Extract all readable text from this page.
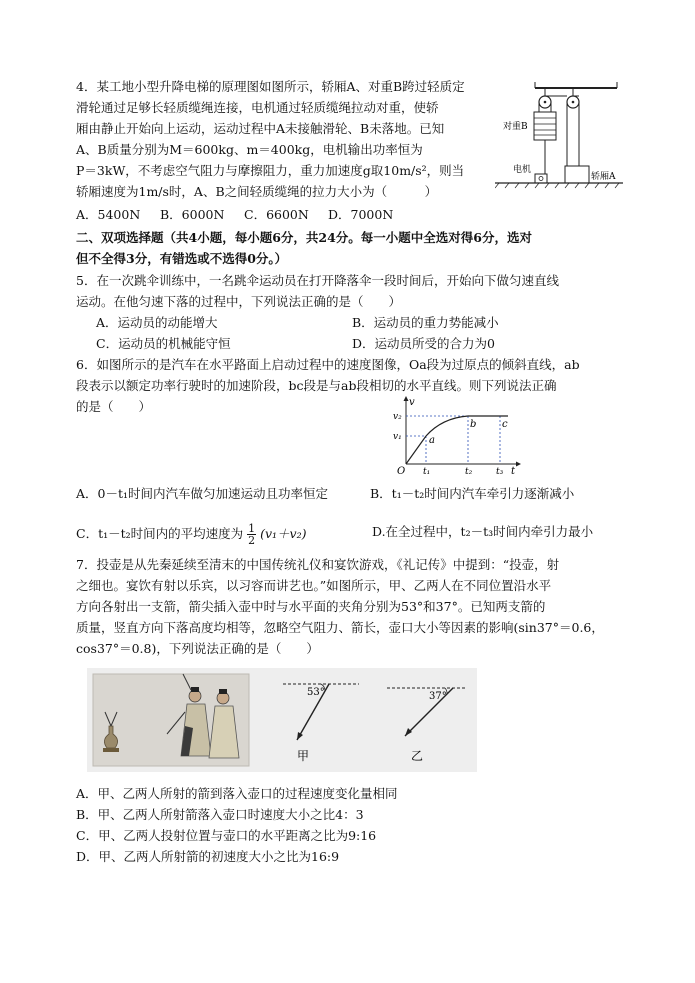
4．某工地小型升降电梯的原理图如图所示，轿厢A、对重B跨过轻质定
滑轮通过足够长轻质缆绳连接，电机通过轻质缆绳拉动对重，使轿
厢由静止开始向上运动，运动过程中A未接触滑轮、B未落地。已知
A、B质量分别为M＝600kg、m＝400kg，电机输出功率恒为
P＝3kW，不考虑空气阻力与摩擦阻力，重力加速度g取10m/s²，则当
轿厢速度为1m/s时，A、B之间轻质缆绳的拉力大小为（　　　）
A．5400N B．6000N C．6600N D．7000N
对重B
电机
轿厢A
二、双项选择题（共4小题，每小题6分，共24分。每一小题中全选对得6分，选对
但不全得3分，有错选或不选得0分。）
5．在一次跳伞训练中，一名跳伞运动员在打开降落伞一段时间后，开始向下做匀速直线
运动。在他匀速下落的过程中，下列说法正确的是（　　）
A．运动员的动能增大	B．运动员的重力势能减小
C．运动员的机械能守恒	D．运动员所受的合力为0
6．如图所示的是汽车在水平路面上启动过程中的速度图像，Oa段为过原点的倾斜直线，ab
段表示以额定功率行驶时的加速阶段，bc段是与ab段相切的水平直线。则下列说法正确
的是（　　）	v
t
O
v₂
v₁
t₁	t₂	t₃
a
b	c
A．0－t₁时间内汽车做匀加速运动且功率恒定	B．t₁－t₂时间内汽车牵引力逐渐减小
C．t₁－t₂时间内的平均速度为 $\frac{1}{2} (v_1+v_2)$	D.在全过程中，t₂－t₃时间内牵引力最小
7．投壶是从先秦延续至清末的中国传统礼仪和宴饮游戏，《礼记传》中提到：“投壶，射
之细也。宴饮有射以乐宾，以习容而讲艺也。”如图所示，甲、乙两人在不同位置沿水平
方向各射出一支箭，箭尖插入壶中时与水平面的夹角分别为53°和37°。已知两支箭的
质量，竖直方向下落高度均相等，忽略空气阻力、箭长，壶口大小等因素的影响(sin37°＝0.6，
cos37°＝0.8)，下列说法正确的是（　　）
53°
甲
37°
乙
A．甲、乙两人所射的箭到落入壶口的过程速度变化量相同
B．甲、乙两人所射箭落入壶口时速度大小之比4：3
C．甲、乙两人投射位置与壶口的水平距离之比为9:16
D．甲、乙两人所射箭的初速度大小之比为16:9
